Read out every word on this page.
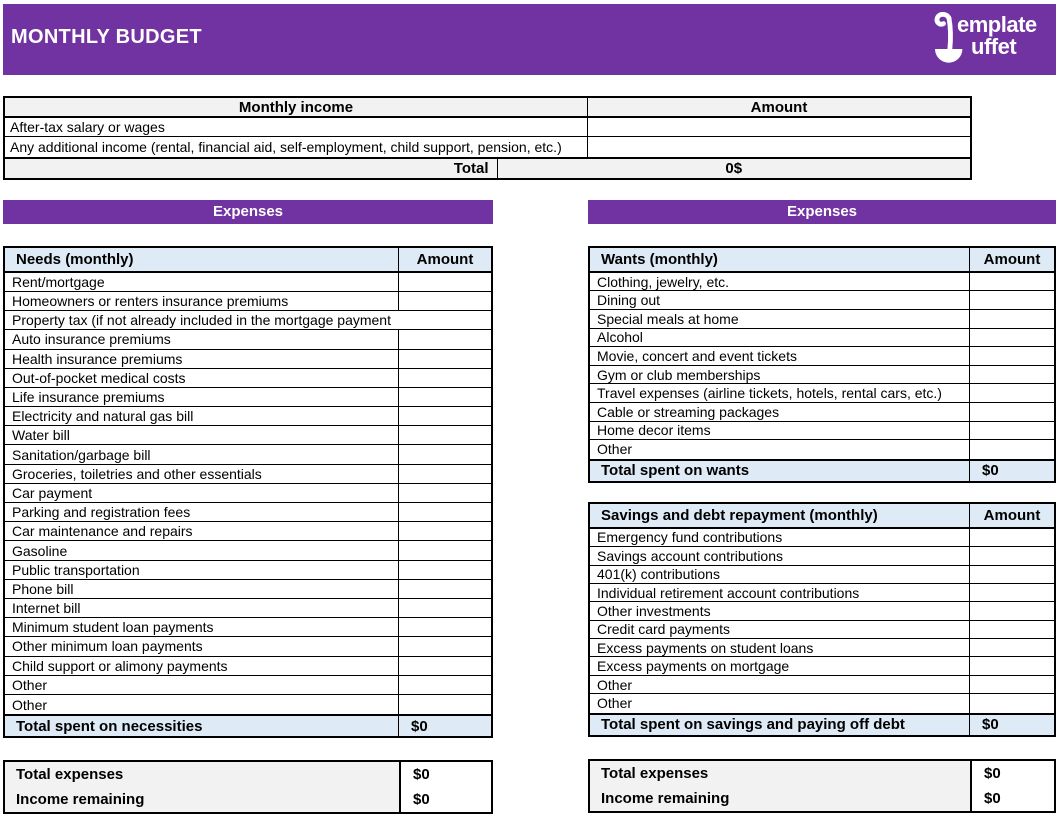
MONTHLY BUDGET	emplate
uffet
Monthly income	Amount
After-tax salary or wages
Any additional income (rental, financial aid, self-employment, child support, pension, etc.)
Total	0$
Expenses
Needs (monthly)	Amount
Rent/mortgage
Homeowners or renters insurance premiums
Property tax (if not already included in the mortgage payment
Auto insurance premiums
Health insurance premiums
Out-of-pocket medical costs
Life insurance premiums
Electricity and natural gas bill
Water bill
Sanitation/garbage bill
Groceries, toiletries and other essentials
Car payment
Parking and registration fees
Car maintenance and repairs
Gasoline
Public transportation
Phone bill
Internet bill
Minimum student loan payments
Other minimum loan payments
Child support or alimony payments
Other
Other
Total spent on necessities	$0
Total expenses	$0
Income remaining	$0
Expenses
Wants (monthly)	Amount
Clothing, jewelry, etc.
Dining out
Special meals at home
Alcohol
Movie, concert and event tickets
Gym or club memberships
Travel expenses (airline tickets, hotels, rental cars, etc.)
Cable or streaming packages
Home decor items
Other
Total spent on wants	$0
Savings and debt repayment (monthly)	Amount
Emergency fund contributions
Savings account contributions
401(k) contributions
Individual retirement account contributions
Other investments
Credit card payments
Excess payments on student loans
Excess payments on mortgage
Other
Other
Total spent on savings and paying off debt	$0
Total expenses	$0
Income remaining	$0
